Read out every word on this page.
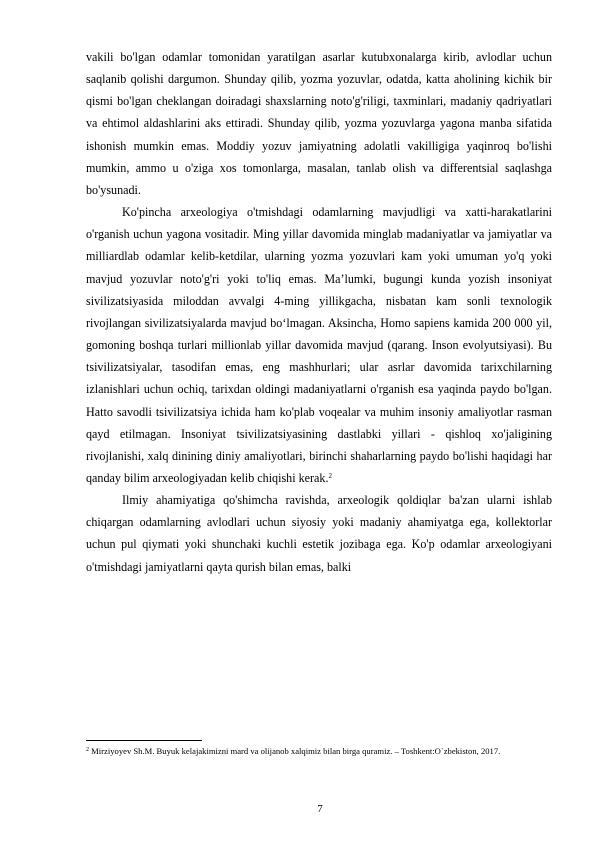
vakili bo'lgan odamlar tomonidan yaratilgan asarlar kutubxonalarga kirib, avlodlar uchun saqlanib qolishi dargumon. Shunday qilib, yozma yozuvlar, odatda, katta aholining kichik bir qismi bo'lgan cheklangan doiradagi shaxslarning noto'g'riligi, taxminlari, madaniy qadriyatlari va ehtimol aldashlarini aks ettiradi. Shunday qilib, yozma yozuvlarga yagona manba sifatida ishonish mumkin emas. Moddiy yozuv jamiyatning adolatli vakilligiga yaqinroq bo'lishi mumkin, ammo u o'ziga xos tomonlarga, masalan, tanlab olish va differentsial saqlashga bo'ysunadi.

Ko'pincha arxeologiya o'tmishdagi odamlarning mavjudligi va xatti-harakatlarini o'rganish uchun yagona vositadir. Ming yillar davomida minglab madaniyatlar va jamiyatlar va milliardlab odamlar kelib-ketdilar, ularning yozma yozuvlari kam yoki umuman yo'q yoki mavjud yozuvlar noto'g'ri yoki to'liq emas. Ma’lumki, bugungi kunda yozish insoniyat sivilizatsiyasida miloddan avvalgi 4-ming yillikgacha, nisbatan kam sonli texnologik rivojlangan sivilizatsiyalarda mavjud bo‘lmagan. Aksincha, Homo sapiens kamida 200 000 yil, gomoning boshqa turlari millionlab yillar davomida mavjud (qarang. Inson evolyutsiyasi). Bu tsivilizatsiyalar, tasodifan emas, eng mashhurlari; ular asrlar davomida tarixchilarning izlanishlari uchun ochiq, tarixdan oldingi madaniyatlarni o'rganish esa yaqinda paydo bo'lgan. Hatto savodli tsivilizatsiya ichida ham ko'plab voqealar va muhim insoniy amaliyotlar rasman qayd etilmagan. Insoniyat tsivilizatsiyasining dastlabki yillari - qishloq xo'jaligining rivojlanishi, xalq dinining diniy amaliyotlari, birinchi shaharlarning paydo bo'lishi haqidagi har qanday bilim arxeologiyadan kelib chiqishi kerak.$^2$

Ilmiy ahamiyatiga qo'shimcha ravishda, arxeologik qoldiqlar ba'zan ularni ishlab chiqargan odamlarning avlodlari uchun siyosiy yoki madaniy ahamiyatga ega, kollektorlar uchun pul qiymati yoki shunchaki kuchli estetik jozibaga ega. Ko'p odamlar arxeologiyani o'tmishdagi jamiyatlarni qayta qurish bilan emas, balki

$^2$ Mirziyoyev Sh.M. Buyuk kelajakimizni mard va olijanob xalqimiz bilan birga quramiz. – Toshkent:O`zbekiston, 2017.
7
